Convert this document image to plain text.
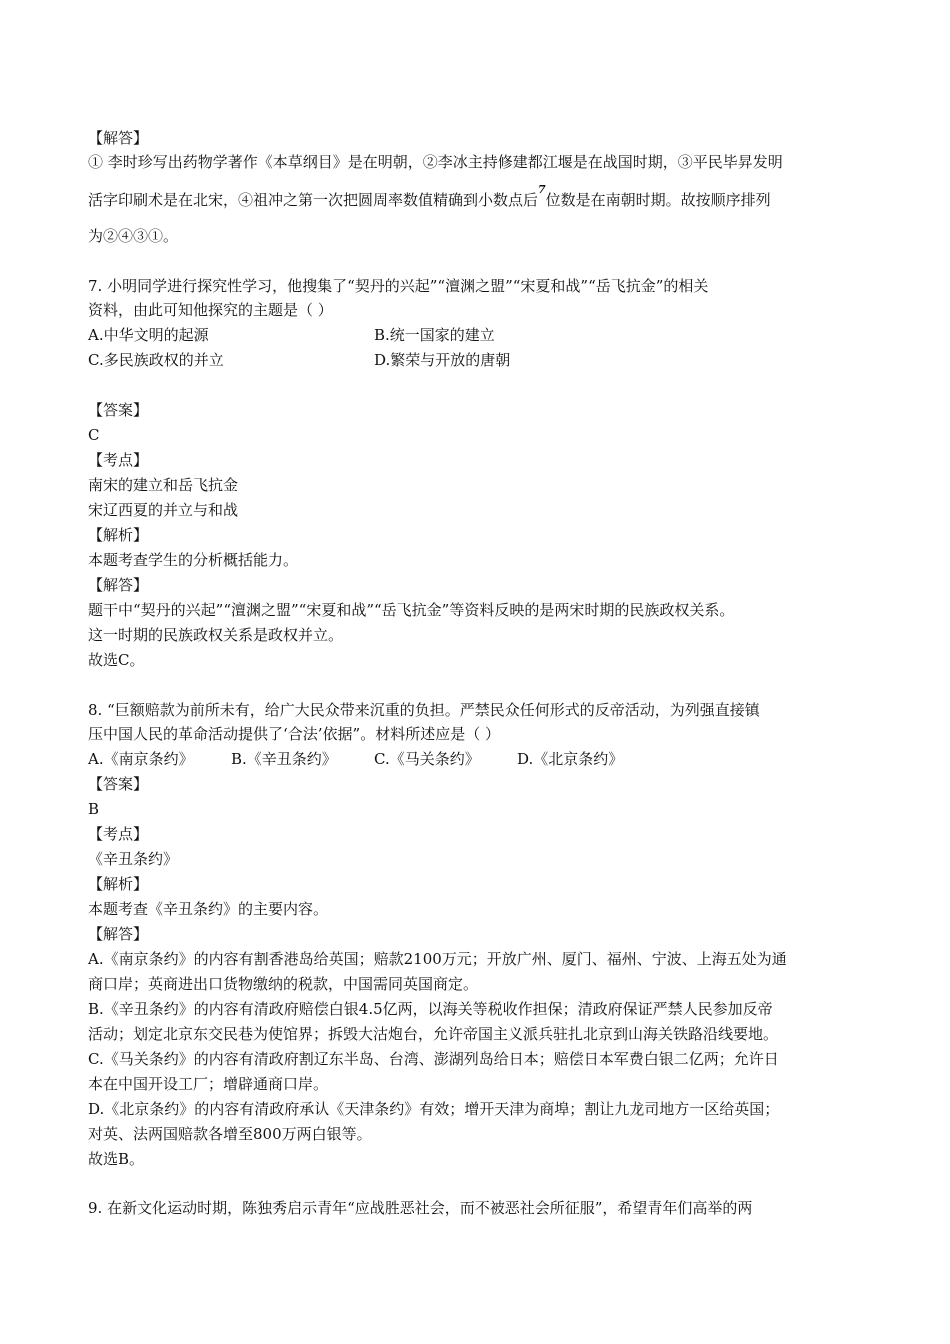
【解答】
① 李时珍写出药物学著作《本草纲目》是在明朝，②李冰主持修建都江堰是在战国时期，③平民毕昇发明
活字印刷术是在北宋，④祖冲之第一次把圆周率数值精确到小数点后$^7$位数是在南朝时期。故按顺序排列
为②④③①。
7. 小明同学进行探究性学习，他搜集了“契丹的兴起”“澶渊之盟”“宋夏和战”“岳飞抗金”的相关
资料，由此可知他探究的主题是（ ）
A.中华文明的起源	B.统一国家的建立
C.多民族政权的并立	D.繁荣与开放的唐朝
【答案】
C
【考点】
南宋的建立和岳飞抗金
宋辽西夏的并立与和战
【解析】
本题考查学生的分析概括能力。
【解答】
题干中“契丹的兴起”“澶渊之盟”“宋夏和战”“岳飞抗金”等资料反映的是两宋时期的民族政权关系。
这一时期的民族政权关系是政权并立。
故选C。
8. “巨额赔款为前所未有，给广大民众带来沉重的负担。严禁民众任何形式的反帝活动，为列强直接镇
压中国人民的革命活动提供了‘合法’依据”。材料所述应是（ ）
A.《南京条约》 B.《辛丑条约》 C.《马关条约》 D.《北京条约》
【答案】
B
【考点】
《辛丑条约》
【解析】
本题考查《辛丑条约》的主要内容。
【解答】
A.《南京条约》的内容有割香港岛给英国；赔款2100万元；开放广州、厦门、福州、宁波、上海五处为通
商口岸；英商进出口货物缴纳的税款，中国需同英国商定。
B.《辛丑条约》的内容有清政府赔偿白银4.5亿两，以海关等税收作担保；清政府保证严禁人民参加反帝
活动；划定北京东交民巷为使馆界；拆毁大沽炮台，允许帝国主义派兵驻扎北京到山海关铁路沿线要地。
C.《马关条约》的内容有清政府割辽东半岛、台湾、澎湖列岛给日本；赔偿日本军费白银二亿两；允许日
本在中国开设工厂；增辟通商口岸。
D.《北京条约》的内容有清政府承认《天津条约》有效；增开天津为商埠；割让九龙司地方一区给英国；
对英、法两国赔款各增至800万两白银等。
故选B。
9. 在新文化运动时期，陈独秀启示青年“应战胜恶社会，而不被恶社会所征服”，希望青年们高举的两
